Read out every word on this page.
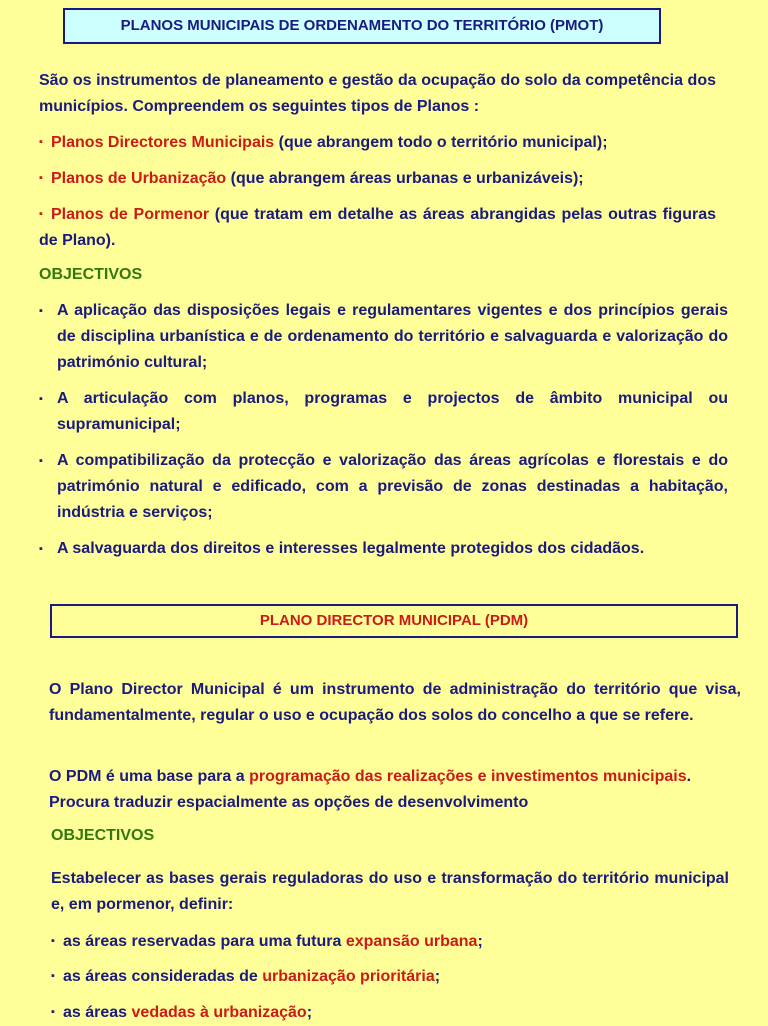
PLANOS MUNICIPAIS DE ORDENAMENTO DO TERRITÓRIO (PMOT)

São os instrumentos de planeamento e gestão da ocupação do solo da competência dos municípios. Compreendem os seguintes tipos de Planos :

▪ Planos Directores Municipais (que abrangem todo o território municipal);
▪ Planos de Urbanização (que abrangem áreas urbanas e urbanizáveis);
▪ Planos de Pormenor (que tratam em detalhe as áreas abrangidas pelas outras figuras de Plano).
OBJECTIVOS
▪ A aplicação das disposições legais e regulamentares vigentes e dos princípios gerais de disciplina urbanística e de ordenamento do território e salvaguarda e valorização do património cultural;
▪ A articulação com planos, programas e projectos de âmbito municipal ou supramunicipal;
▪ A compatibilização da protecção e valorização das áreas agrícolas e florestais e do património natural e edificado, com a previsão de zonas destinadas a habitação, indústria e serviços;
▪ A salvaguarda dos direitos e interesses legalmente protegidos dos cidadãos.
PLANO DIRECTOR MUNICIPAL (PDM)

O Plano Director Municipal é um instrumento de administração do território que visa, fundamentalmente, regular o uso e ocupação dos solos do concelho a que se refere.

O PDM é uma base para a programação das realizações e investimentos municipais.
Procura traduzir espacialmente as opções de desenvolvimento
OBJECTIVOS

Estabelecer as bases gerais reguladoras do uso e transformação do território municipal e, em pormenor, definir:

▪ as áreas reservadas para uma futura expansão urbana;
▪ as áreas consideradas de urbanização prioritária;
▪ as áreas vedadas à urbanização;
